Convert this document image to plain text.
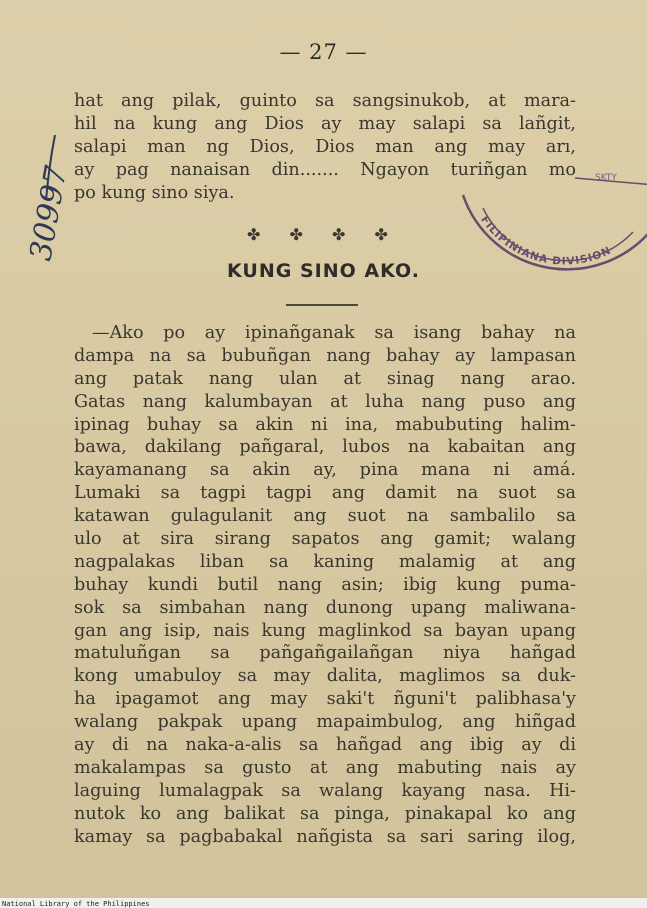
— 27 —
hat ang pilak, guinto sa sangsinukob, at mara-
hil na kung ang Dios ay may salapi sa lañgit,
salapi man ng Dios, Dios man ang may arı,
ay pag nanaisan din....... Ngayon turiñgan mo
po kung sino siya.
✤ ✤ ✤ ✤
KUNG SINO AKO.
—Ako po ay ipinañganak sa isang bahay na
dampa na sa bubuñgan nang bahay ay lampasan
ang patak nang ulan at sinag nang arao.
Gatas nang kalumbayan at luha nang puso ang
ipinag buhay sa akin ni ina, mabubuting halim-
bawa, dakilang pañgaral, lubos na kabaitan ang
kayamanang sa akin ay, pina mana ni amá.
Lumaki sa tagpi tagpi ang damit na suot sa
katawan gulagulanit ang suot na sambalilo sa
ulo at sira sirang sapatos ang gamit; walang
nagpalakas liban sa kaning malamig at ang
buhay kundi butil nang asin; ibig kung puma-
sok sa simbahan nang dunong upang maliwana-
gan ang isip, nais kung maglinkod sa bayan upang
matuluñgan sa pañgañgailañgan niya hañgad
kong umabuloy sa may dalita, maglimos sa duk-
ha ipagamot ang may saki't ñguni't palibhasa'y
walang pakpak upang mapaimbulog, ang hiñgad
ay di na naka-a-alis sa hañgad ang ibig ay di
makalampas sa gusto at ang mabuting nais ay
laguing lumalagpak sa walang kayang nasa. Hi-
nutok ko ang balikat sa pinga, pinakapal ko ang
kamay sa pagbabakal nañgista sa sari saring ilog,
FILIPINIANA DIVISION
SKTY
30997
National Library of the Philippines
